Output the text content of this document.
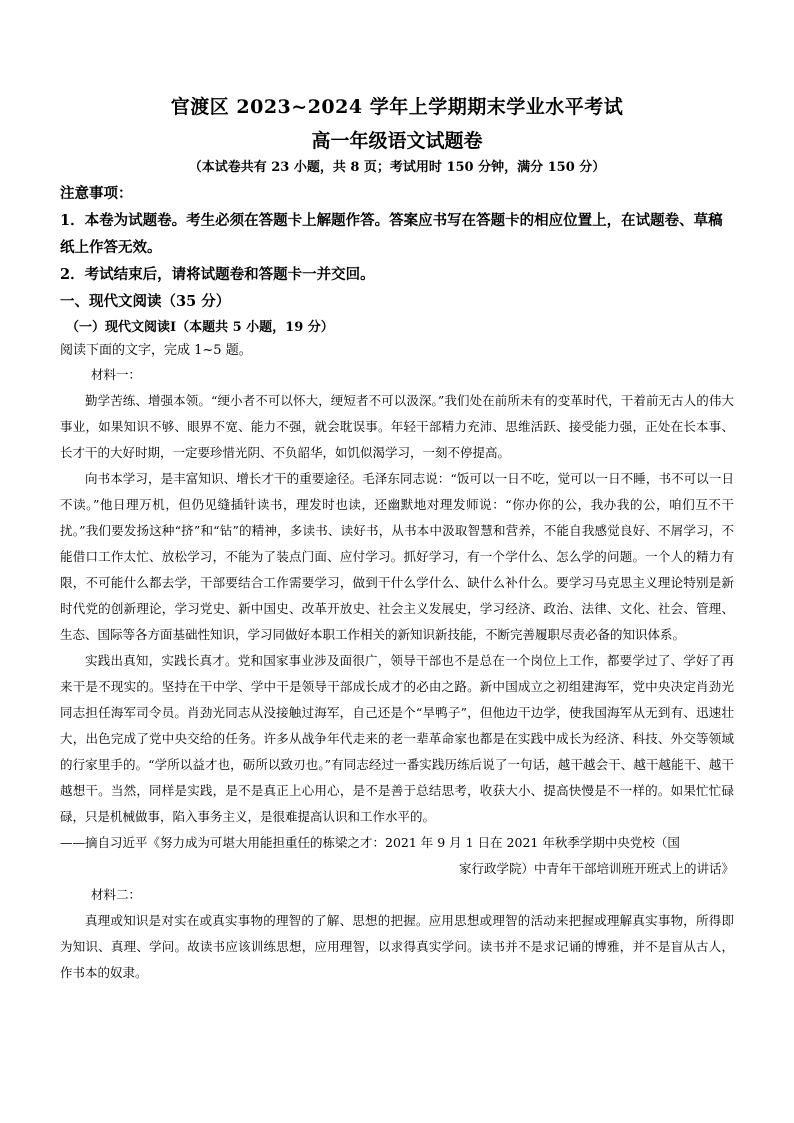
官渡区 2023~2024 学年上学期期末学业水平考试
高一年级语文试题卷
（本试卷共有 23 小题，共 8 页；考试用时 150 分钟，满分 150 分）
注意事项：
1．本卷为试题卷。考生必须在答题卡上解题作答。答案应书写在答题卡的相应位置上，在试题卷、草稿纸上作答无效。
2．考试结束后，请将试题卷和答题卡一并交回。
一、现代文阅读（35 分）
（一）现代文阅读Ⅰ（本题共 5 小题，19 分）
阅读下面的文字，完成 1~5 题。
材料一：

勤学苦练、增强本领。“绠小者不可以怀大，绠短者不可以汲深。”我们处在前所未有的变革时代，干着前无古人的伟大事业，如果知识不够、眼界不宽、能力不强，就会耽误事。年轻干部精力充沛、思维活跃、接受能力强，正处在长本事、长才干的大好时期，一定要珍惜光阴、不负韶华，如饥似渴学习，一刻不停提高。

向书本学习，是丰富知识、增长才干的重要途径。毛泽东同志说：“饭可以一日不吃，觉可以一日不睡，书不可以一日不读。”他日理万机，但仍见缝插针读书，理发时也读，还幽默地对理发师说：“你办你的公，我办我的公，咱们互不干扰。”我们要发扬这种“挤”和“钻”的精神，多读书、读好书，从书本中汲取智慧和营养，不能自我感觉良好、不屑学习，不能借口工作太忙、放松学习，不能为了装点门面、应付学习。抓好学习，有一个学什么、怎么学的问题。一个人的精力有限，不可能什么都去学，干部要结合工作需要学习，做到干什么学什么、缺什么补什么。要学习马克思主义理论特别是新时代党的创新理论，学习党史、新中国史、改革开放史、社会主义发展史，学习经济、政治、法律、文化、社会、管理、生态、国际等各方面基础性知识，学习同做好本职工作相关的新知识新技能，不断完善履职尽责必备的知识体系。

实践出真知，实践长真才。党和国家事业涉及面很广，领导干部也不是总在一个岗位上工作，都要学过了、学好了再来干是不现实的。坚持在干中学、学中干是领导干部成长成才的必由之路。新中国成立之初组建海军，党中央决定肖劲光同志担任海军司令员。肖劲光同志从没接触过海军，自己还是个“旱鸭子”，但他边干边学，使我国海军从无到有、迅速壮大，出色完成了党中央交给的任务。许多从战争年代走来的老一辈革命家也都是在实践中成长为经济、科技、外交等领域的行家里手的。“学所以益才也，砺所以致刃也。”有同志经过一番实践历练后说了一句话，越干越会干、越干越能干、越干越想干。当然，同样是实践，是不是真正上心用心，是不是善于总结思考，收获大小、提高快慢是不一样的。如果忙忙碌碌，只是机械做事，陷入事务主义，是很难提高认识和工作水平的。

——摘自习近平《努力成为可堪大用能担重任的栋梁之才：2021 年 9 月 1 日在 2021 年秋季学期中央党校（国
家行政学院）中青年干部培训班开班式上的讲话》
材料二：

真理或知识是对实在或真实事物的理智的了解、思想的把握。应用思想或理智的活动来把握或理解真实事物，所得即为知识、真理、学问。故读书应该训练思想，应用理智，以求得真实学问。读书并不是求记诵的博雅，并不是盲从古人，作书本的奴隶。
